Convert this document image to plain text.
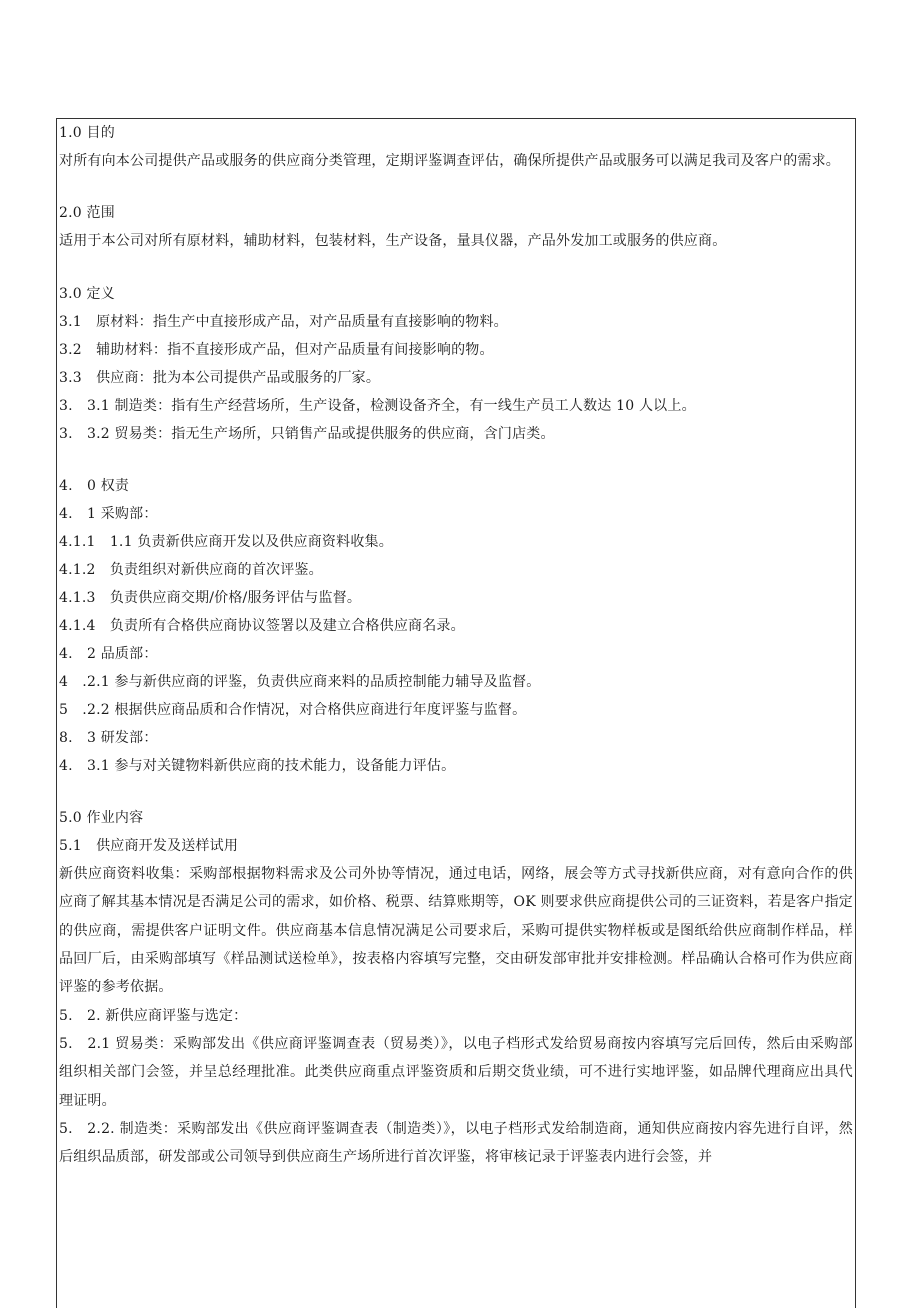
1.0 目的
对所有向本公司提供产品或服务的供应商分类管理，定期评鉴调查评估，确保所提供产品或服务可以满足我司及客户的需求。
2.0 范围
适用于本公司对所有原材料，辅助材料，包装材料，生产设备，量具仪器，产品外发加工或服务的供应商。
3.0 定义
3.1　原材料：指生产中直接形成产品，对产品质量有直接影响的物料。
3.2　辅助材料：指不直接形成产品，但对产品质量有间接影响的物。
3.3　供应商：批为本公司提供产品或服务的厂家。
3.　3.1 制造类：指有生产经营场所，生产设备，检测设备齐全，有一线生产员工人数达 10 人以上。
3.　3.2 贸易类：指无生产场所，只销售产品或提供服务的供应商，含门店类。
4.　0 权责
4.　1 采购部：
4.1.1　1.1 负责新供应商开发以及供应商资料收集。
4.1.2　负责组织对新供应商的首次评鉴。
4.1.3　负责供应商交期/价格/服务评估与监督。
4.1.4　负责所有合格供应商协议签署以及建立合格供应商名录。
4.　2 品质部：
4　.2.1 参与新供应商的评鉴，负责供应商来料的品质控制能力辅导及监督。
5　.2.2 根据供应商品质和合作情况，对合格供应商进行年度评鉴与监督。
8.　3 研发部：
4.　3.1 参与对关键物料新供应商的技术能力，设备能力评估。
5.0 作业内容
5.1　供应商开发及送样试用
新供应商资料收集：采购部根据物料需求及公司外协等情况，通过电话，网络，展会等方式寻找新供应商，对有意向合作的供应商了解其基本情况是否满足公司的需求，如价格、税票、结算账期等，OK 则要求供应商提供公司的三证资料，若是客户指定的供应商，需提供客户证明文件。供应商基本信息情况满足公司要求后，采购可提供实物样板或是图纸给供应商制作样品，样品回厂后，由采购部填写《样品测试送检单》，按表格内容填写完整，交由研发部审批并安排检测。样品确认合格可作为供应商评鉴的参考依据。
5.　2. 新供应商评鉴与选定：
5.　2.1 贸易类：采购部发出《供应商评鉴调查表（贸易类）》，以电子档形式发给贸易商按内容填写完后回传，然后由采购部组织相关部门会签，并呈总经理批准。此类供应商重点评鉴资质和后期交货业绩，可不进行实地评鉴，如品牌代理商应出具代理证明。
5.　2.2. 制造类：采购部发出《供应商评鉴调查表（制造类）》，以电子档形式发给制造商，通知供应商按内容先进行自评，然后组织品质部，研发部或公司领导到供应商生产场所进行首次评鉴，将审核记录于评鉴表内进行会签，并
